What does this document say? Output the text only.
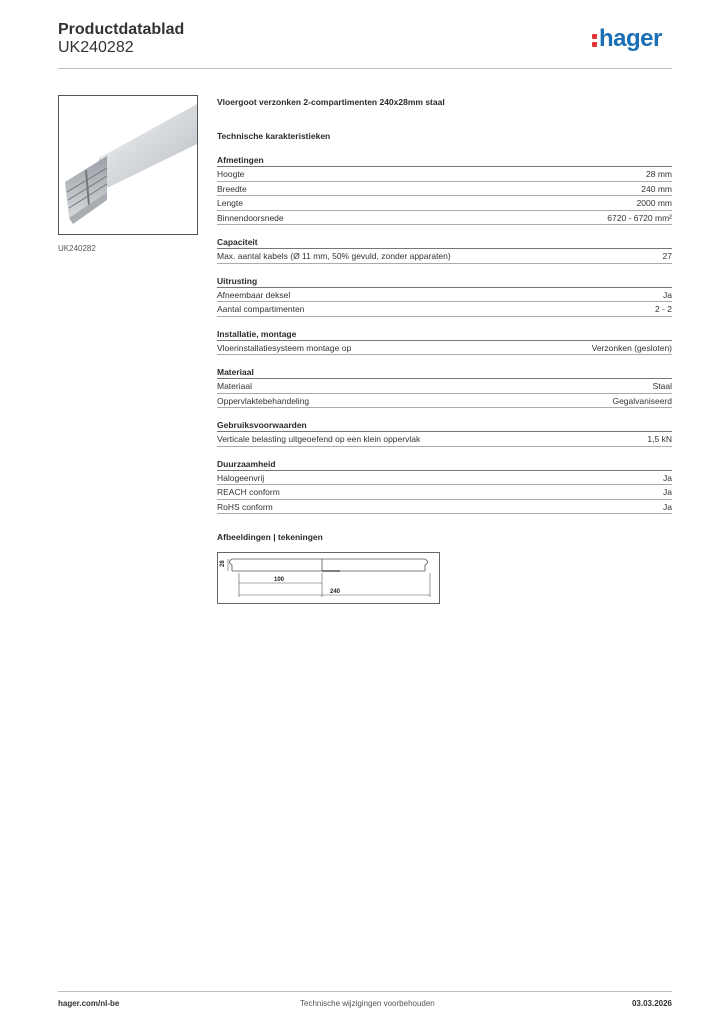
Productdatablad
UK240282	hager
UK240282
Vloergoot verzonken 2-compartimenten 240x28mm staal
Technische karakteristieken
Afmetingen
Hoogte	28 mm
Breedte	240 mm
Lengte	2000 mm
Binnendoorsnede	6720 - 6720 mm²
Capaciteit
Max. aantal kabels (Ø 11 mm, 50% gevuld, zonder apparaten)	27
Uitrusting
Afneembaar deksel	Ja
Aantal compartimenten	2 - 2
Installatie, montage
Vloerinstallatiesysteem montage op	Verzonken (gesloten)
Materiaal
Materiaal	Staal
Oppervlaktebehandeling	Gegalvaniseerd
Gebruiksvoorwaarden
Verticale belasting uitgeoefend op een klein oppervlak	1,5 kN
Duurzaamheid
Halogeenvrij	Ja
REACH conform	Ja
RoHS conform	Ja
Afbeeldingen | tekeningen
28
100
240
hager.com/nl-be	Technische wijzigingen voorbehouden	03.03.2026
